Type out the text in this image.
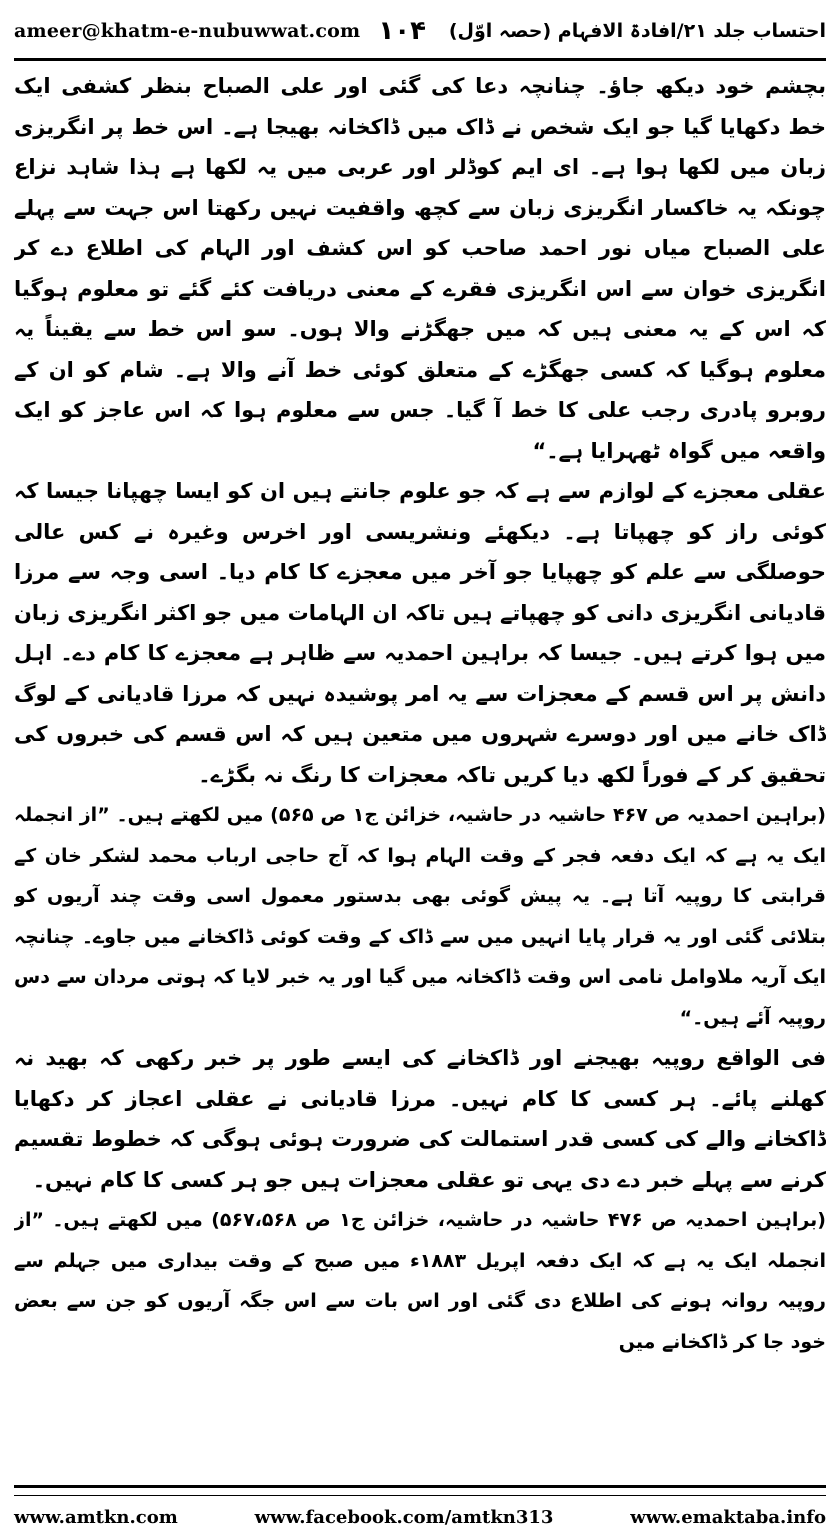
ameer@khatm-e-nubuwwat.com ۱۰۴ احتساب جلد ۲۱/افادۃ الافہام (حصہ اوّل)

بچشم خود دیکھ جاؤ۔ چنانچہ دعا کی گئی اور علی الصباح بنظر کشفی ایک خط دکھایا گیا جو ایک شخص نے ڈاک میں ڈاکخانہ بھیجا ہے۔ اس خط پر انگریزی زبان میں لکھا ہوا ہے۔ ای ایم کوڈلر اور عربی میں یہ لکھا ہے ہذا شاہد نزاع چونکہ یہ خاکسار انگریزی زبان سے کچھ واقفیت نہیں رکھتا اس جہت سے پہلے علی الصباح میاں نور احمد صاحب کو اس کشف اور الہام کی اطلاع دے کر انگریزی خوان سے اس انگریزی فقرے کے معنی دریافت کئے گئے تو معلوم ہوگیا کہ اس کے یہ معنی ہیں کہ میں جھگڑنے والا ہوں۔ سو اس خط سے یقیناً یہ معلوم ہوگیا کہ کسی جھگڑے کے متعلق کوئی خط آنے والا ہے۔ شام کو ان کے روبرو پادری رجب علی کا خط آ گیا۔ جس سے معلوم ہوا کہ اس عاجز کو ایک واقعہ میں گواہ ٹھہرایا ہے۔“

عقلی معجزے کے لوازم سے ہے کہ جو علوم جانتے ہیں ان کو ایسا چھپانا جیسا کہ کوئی راز کو چھپاتا ہے۔ دیکھئے ونشریسی اور اخرس وغیرہ نے کس عالی حوصلگی سے علم کو چھپایا جو آخر میں معجزے کا کام دیا۔ اسی وجہ سے مرزا قادیانی انگریزی دانی کو چھپاتے ہیں تاکہ ان الہامات میں جو اکثر انگریزی زبان میں ہوا کرتے ہیں۔ جیسا کہ براہین احمدیہ سے ظاہر ہے معجزے کا کام دے۔ اہل دانش پر اس قسم کے معجزات سے یہ امر پوشیدہ نہیں کہ مرزا قادیانی کے لوگ ڈاک خانے میں اور دوسرے شہروں میں متعین ہیں کہ اس قسم کی خبروں کی تحقیق کر کے فوراً لکھ دیا کریں تاکہ معجزات کا رنگ نہ بگڑے۔

(براہین احمدیہ ص ۴۶۷ حاشیہ در حاشیہ، خزائن ج۱ ص ۵۶۵) میں لکھتے ہیں۔ ”از انجملہ ایک یہ ہے کہ ایک دفعہ فجر کے وقت الہام ہوا کہ آج حاجی ارباب محمد لشکر خان کے قرابتی کا روپیہ آتا ہے۔ یہ پیش گوئی بھی بدستور معمول اسی وقت چند آریوں کو بتلائی گئی اور یہ قرار پایا انہیں میں سے ڈاک کے وقت کوئی ڈاکخانے میں جاوے۔ چنانچہ ایک آریہ ملاوامل نامی اس وقت ڈاکخانہ میں گیا اور یہ خبر لایا کہ ہوتی مردان سے دس روپیہ آئے ہیں۔“

فی الواقع روپیہ بھیجنے اور ڈاکخانے کی ایسے طور پر خبر رکھی کہ بھید نہ کھلنے پائے۔ ہر کسی کا کام نہیں۔ مرزا قادیانی نے عقلی اعجاز کر دکھایا ڈاکخانے والے کی کسی قدر استمالت کی ضرورت ہوئی ہوگی کہ خطوط تقسیم کرنے سے پہلے خبر دے دی یہی تو عقلی معجزات ہیں جو ہر کسی کا کام نہیں۔

(براہین احمدیہ ص ۴۷۶ حاشیہ در حاشیہ، خزائن ج۱ ص ۵۶۷،۵۶۸) میں لکھتے ہیں۔ ”از انجملہ ایک یہ ہے کہ ایک دفعہ اپریل ۱۸۸۳ء میں صبح کے وقت بیداری میں جہلم سے روپیہ روانہ ہونے کی اطلاع دی گئی اور اس بات سے اس جگہ آریوں کو جن سے بعض خود جا کر ڈاکخانے میں

www.amtkn.com	www.facebook.com/amtkn313	www.emaktaba.info
